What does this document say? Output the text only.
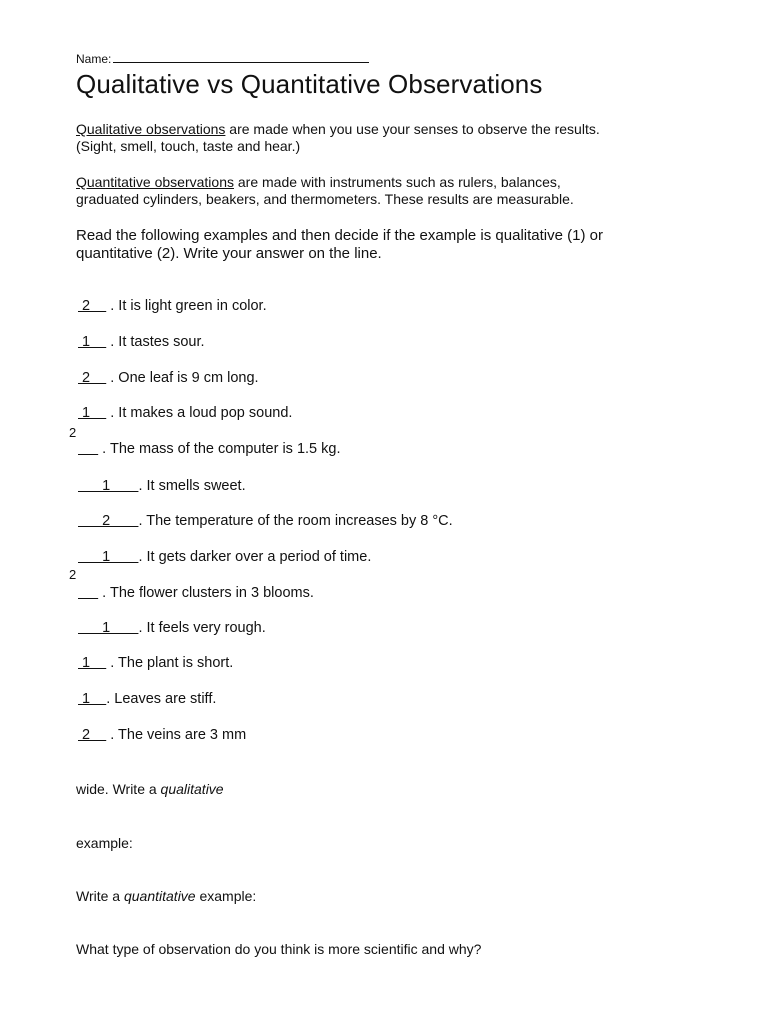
Name:
Qualitative vs Quantitative Observations
Qualitative observations are made when you use your senses to observe the results.
(Sight, smell, touch, taste and hear.)
Quantitative observations are made with instruments such as rulers, balances,
graduated cylinders, beakers, and thermometers. These results are measurable.
Read the following examples and then decide if the example is qualitative (1) or
quantitative (2). Write your answer on the line.
2     . It is light green in color.
1     . It tastes sour.
2     . One leaf is 9 cm long.
1     . It makes a loud pop sound.
2
. The mass of the computer is 1.5 kg.
1       . It smells sweet.
2       . The temperature of the room increases by 8 °C.
1       . It gets darker over a period of time.
2
. The flower clusters in 3 blooms.
1       . It feels very rough.
1     . The plant is short.
1    . Leaves are stiff.
2     . The veins are 3 mm
wide. Write a qualitative
example:
Write a quantitative example:
What type of observation do you think is more scientific and why?
